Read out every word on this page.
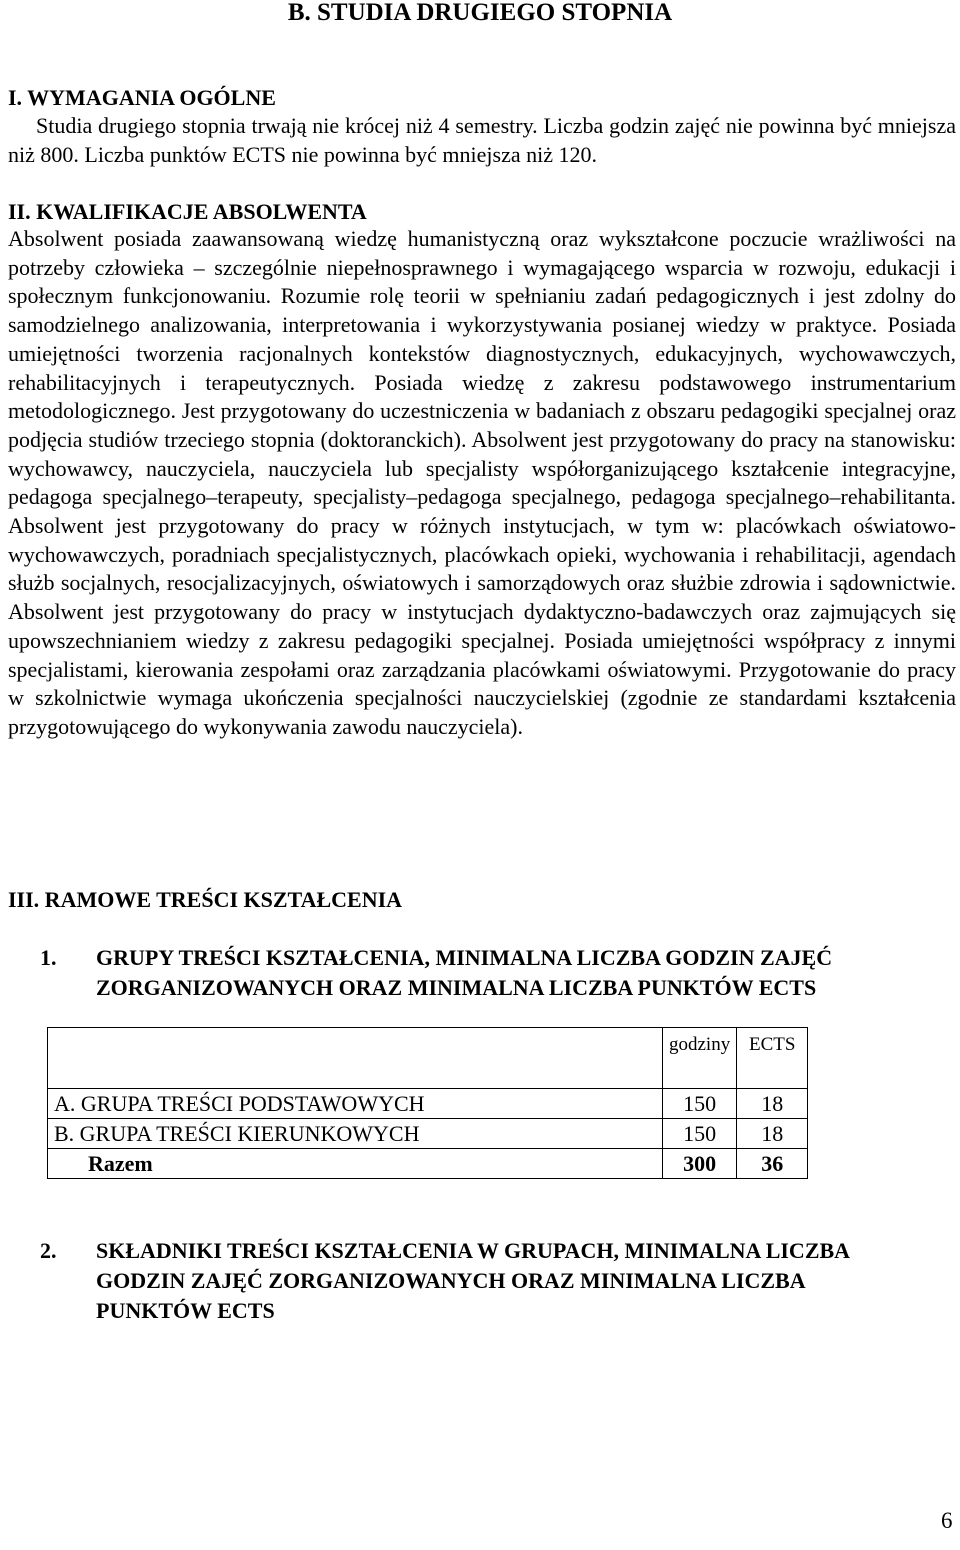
B. STUDIA DRUGIEGO STOPNIA
I. WYMAGANIA OGÓLNE

Studia drugiego stopnia trwają nie krócej niż 4 semestry. Liczba godzin zajęć nie powinna być mniejsza niż 800. Liczba punktów ECTS nie powinna być mniejsza niż 120.

II. KWALIFIKACJE ABSOLWENTA

Absolwent posiada zaawansowaną wiedzę humanistyczną oraz wykształcone poczucie wrażliwości na potrzeby człowieka – szczególnie niepełnosprawnego i wymagającego wsparcia w rozwoju, edukacji i społecznym funkcjonowaniu. Rozumie rolę teorii w spełnianiu zadań pedagogicznych i jest zdolny do samodzielnego analizowania, interpretowania i wykorzystywania posianej wiedzy w praktyce. Posiada umiejętności tworzenia racjonalnych kontekstów diagnostycznych, edukacyjnych, wychowawczych, rehabilitacyjnych i terapeutycznych. Posiada wiedzę z zakresu podstawowego instrumentarium metodologicznego. Jest przygotowany do uczestniczenia w badaniach z obszaru pedagogiki specjalnej oraz podjęcia studiów trzeciego stopnia (doktoranckich). Absolwent jest przygotowany do pracy na stanowisku: wychowawcy, nauczyciela, nauczyciela lub specjalisty współorganizującego kształcenie integracyjne, pedagoga specjalnego–terapeuty, specjalisty–pedagoga specjalnego, pedagoga specjalnego–rehabilitanta. Absolwent jest przygotowany do pracy w różnych instytucjach, w tym w: placówkach oświatowo-wychowawczych, poradniach specjalistycznych, placówkach opieki, wychowania i rehabilitacji, agendach służb socjalnych, resocjalizacyjnych, oświatowych i samorządowych oraz służbie zdrowia i sądownictwie. Absolwent jest przygotowany do pracy w instytucjach dydaktyczno-badawczych oraz zajmujących się upowszechnianiem wiedzy z zakresu pedagogiki specjalnej. Posiada umiejętności współpracy z innymi specjalistami, kierowania zespołami oraz zarządzania placówkami oświatowymi. Przygotowanie do pracy w szkolnictwie wymaga ukończenia specjalności nauczycielskiej (zgodnie ze standardami kształcenia przygotowującego do wykonywania zawodu nauczyciela).

III. RAMOWE TREŚCI KSZTAŁCENIA
1. GRUPY TREŚCI KSZTAŁCENIA, MINIMALNA LICZBA GODZIN ZAJĘĆ
ZORGANIZOWANYCH ORAZ MINIMALNA LICZBA PUNKTÓW ECTS
	godziny	ECTS
A. GRUPA TREŚCI PODSTAWOWYCH	150	18
B. GRUPA TREŚCI KIERUNKOWYCH	150	18
Razem	300	36
2. SKŁADNIKI TREŚCI KSZTAŁCENIA W GRUPACH, MINIMALNA LICZBA
GODZIN ZAJĘĆ ZORGANIZOWANYCH ORAZ MINIMALNA LICZBA
PUNKTÓW ECTS
6
